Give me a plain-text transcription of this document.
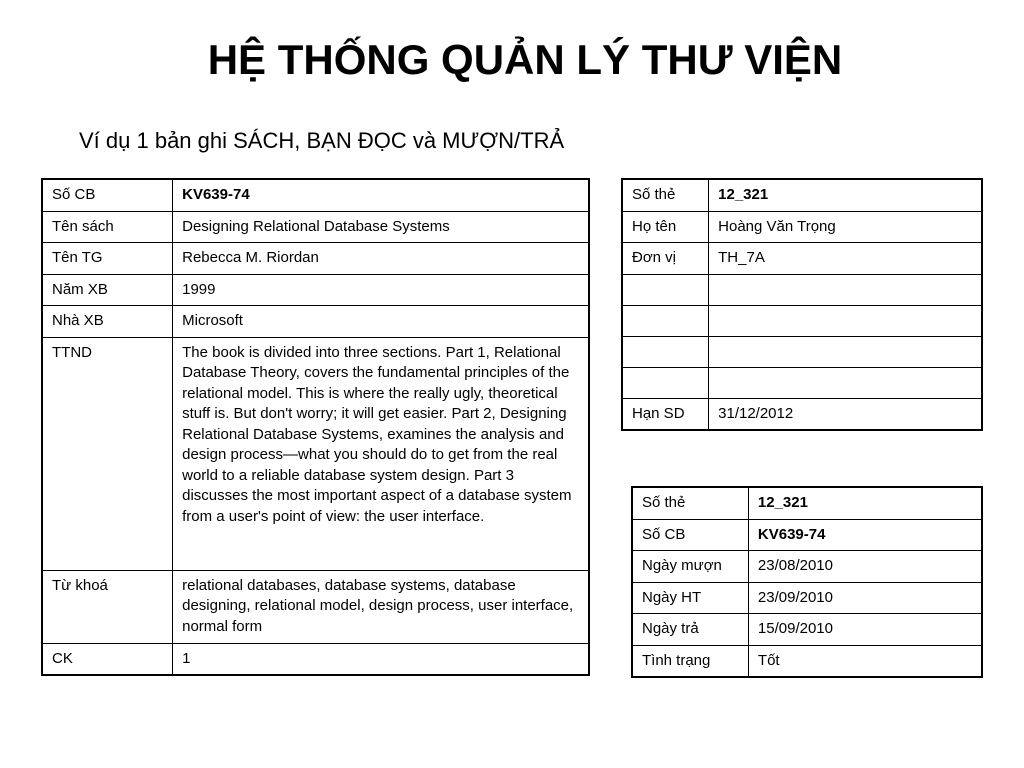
HỆ THỐNG QUẢN LÝ THƯ VIỆN
Ví dụ 1 bản ghi SÁCH, BẠN ĐỌC và MƯỢN/TRẢ
Số CB	KV639-74
Tên sách	Designing Relational Database Systems
Tên TG	Rebecca M. Riordan
Năm XB	1999
Nhà XB	Microsoft
TTND	The book is divided into three sections. Part 1, Relational Database Theory, covers the fundamental principles of the relational model. This is where the really ugly, theoretical stuff is. But don't worry; it will get easier. Part 2, Designing Relational Database Systems, examines the analysis and design process—what you should do to get from the real world to a reliable database system design. Part 3 discusses the most important aspect of a database system from a user's point of view: the user interface.
Từ khoá	relational databases, database systems, database designing, relational model, design process, user interface, normal form
CK	1
Số thẻ	12_321
Họ tên	Hoàng Văn Trọng
Đơn vị	TH_7A

Hạn SD	31/12/2012
Số thẻ	12_321
Số CB	KV639-74
Ngày mượn	23/08/2010
Ngày HT	23/09/2010
Ngày trả	15/09/2010
Tình trạng	Tốt
